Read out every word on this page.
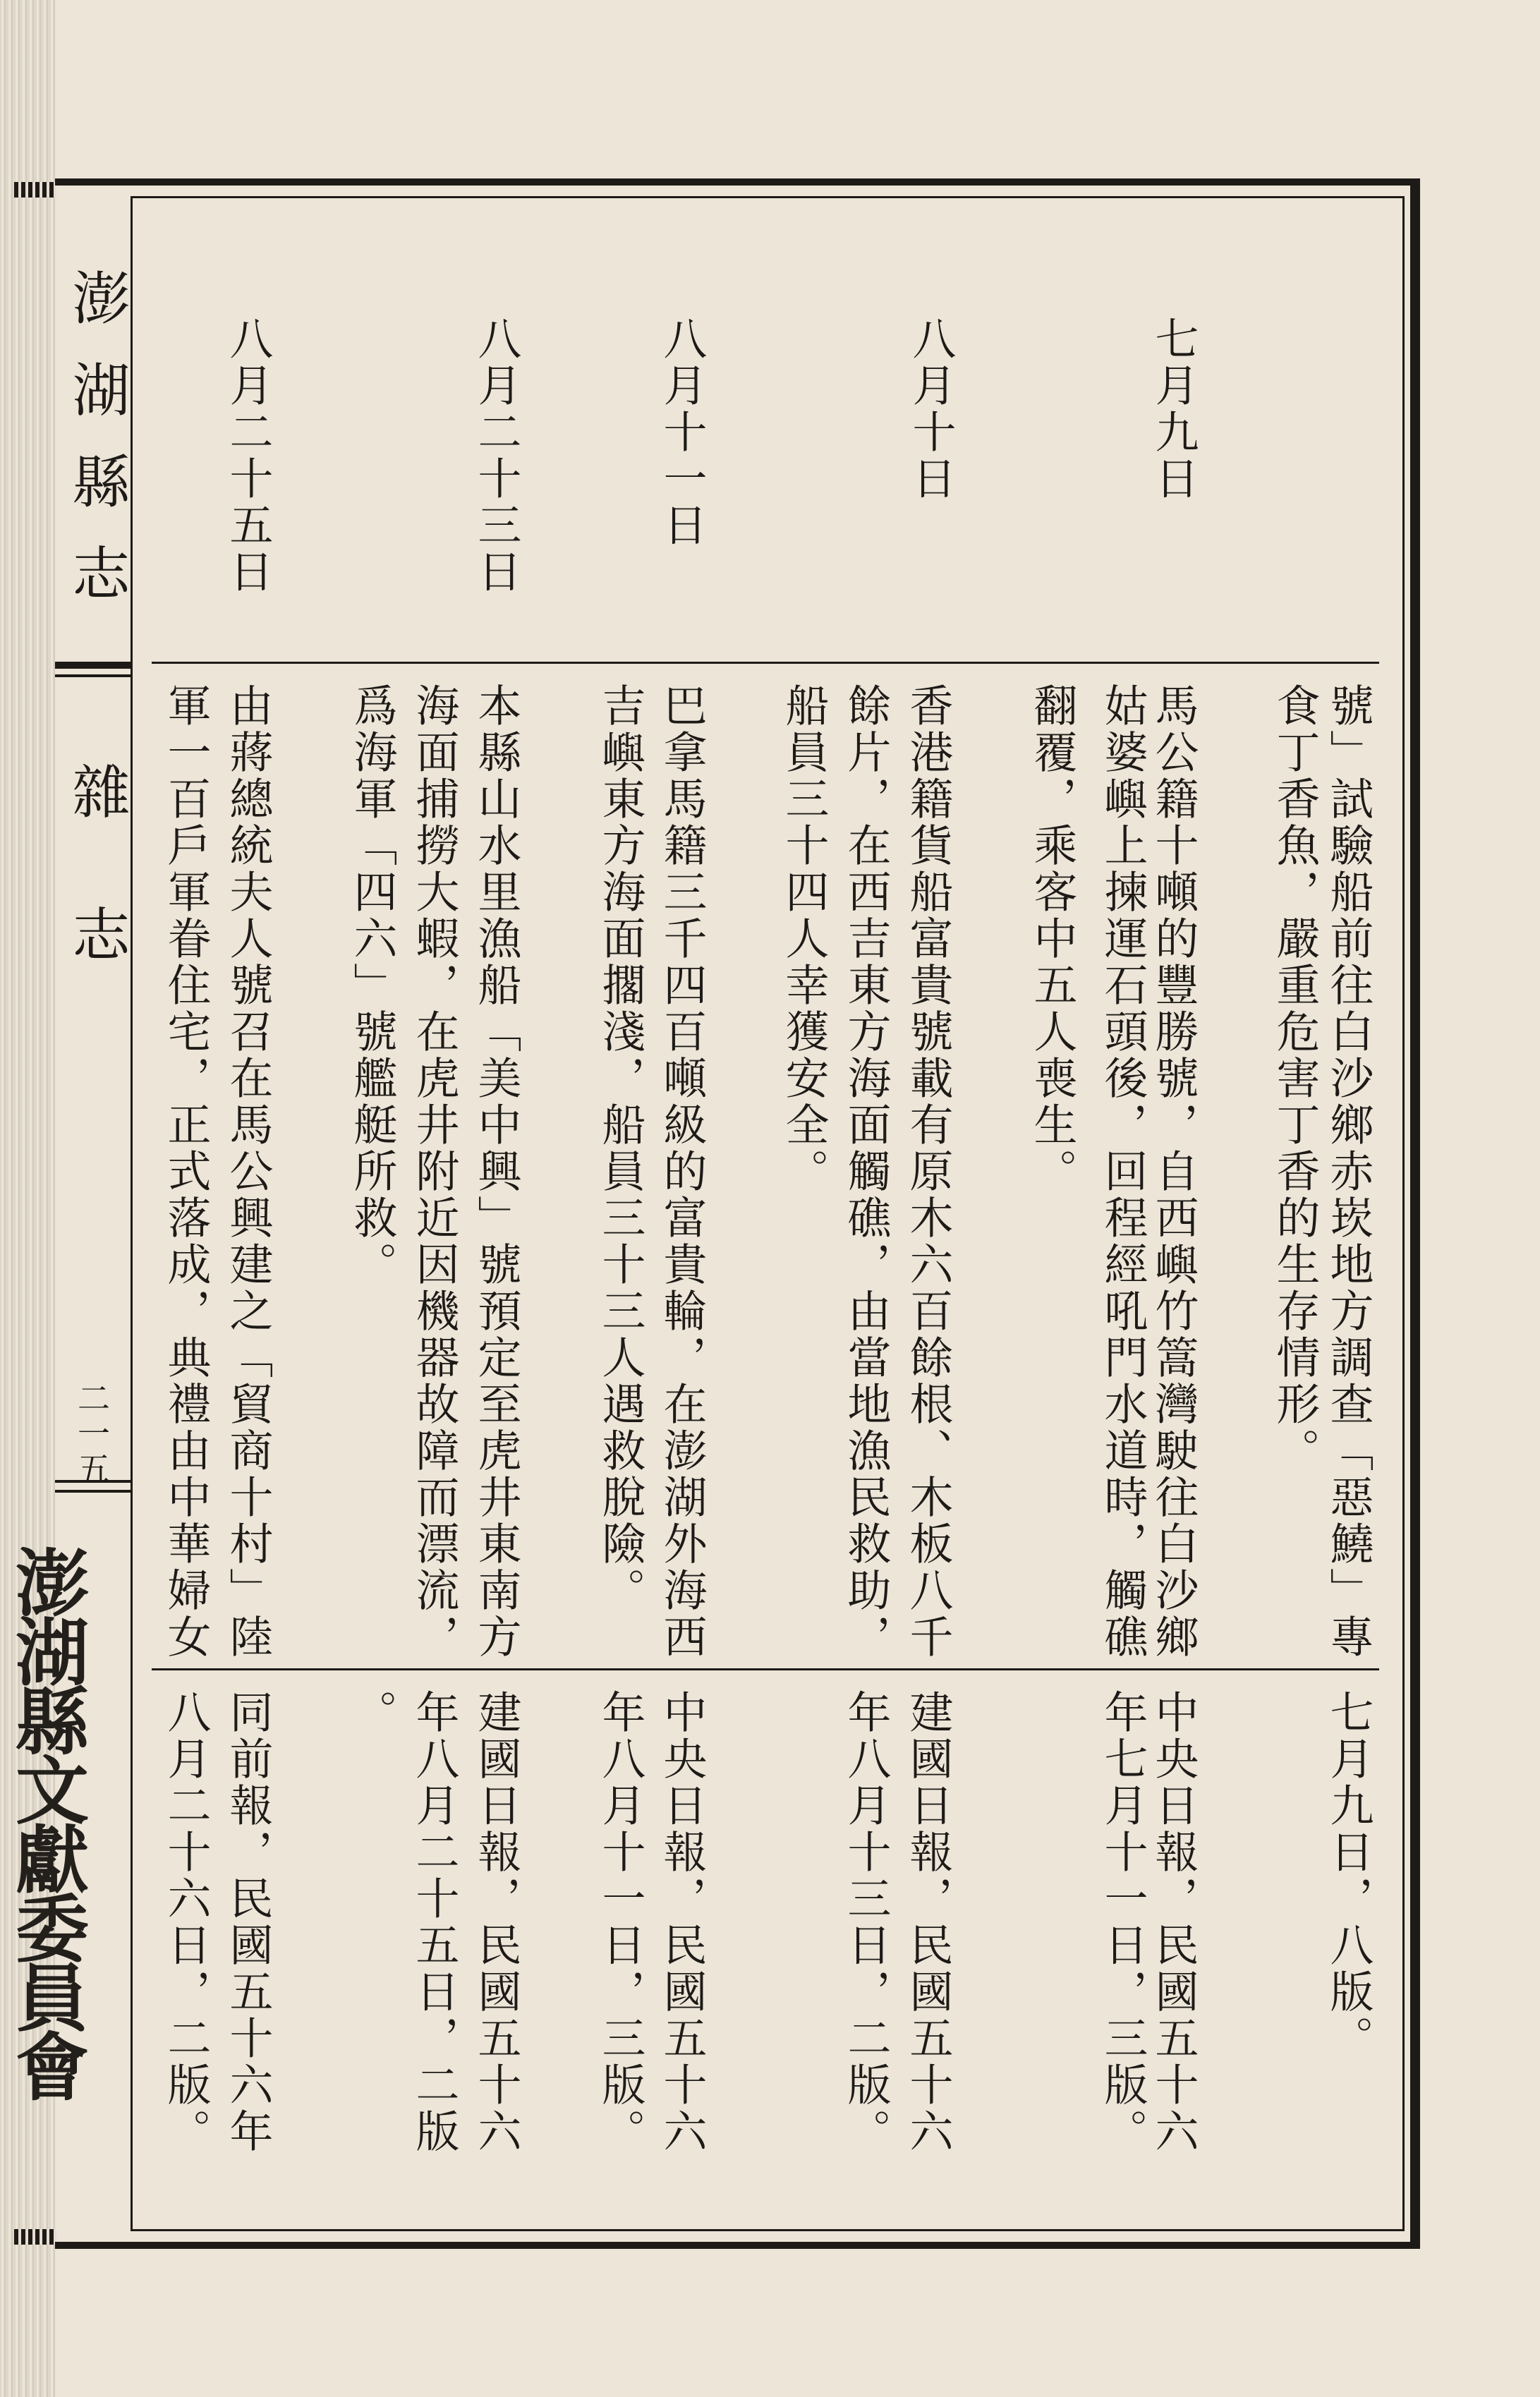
澎湖縣志
雜志
二一五
澎湖縣文獻委員會
七月九日
號」試驗船前往白沙鄉赤崁地方調查「惡鱙」專
食丁香魚，嚴重危害丁香的生存情形。
七月九日，八版。
八月十日
馬公籍十噸的豐勝號，自西嶼竹篙灣駛往白沙鄉
姑婆嶼上揀運石頭後，回程經吼門水道時，觸礁
翻覆，乘客中五人喪生。
中央日報，民國五十六
年七月十一日，三版。
八月十一日
香港籍貨船富貴號載有原木六百餘根、木板八千
餘片，在西吉東方海面觸礁，由當地漁民救助，
船員三十四人幸獲安全。
建國日報，民國五十六
年八月十三日，二版。
八月二十三日
巴拿馬籍三千四百噸級的富貴輪，在澎湖外海西
吉嶼東方海面擱淺，船員三十三人遇救脫險。
中央日報，民國五十六
年八月十一日，三版。
八月二十五日
本縣山水里漁船「美中興」號預定至虎井東南方
海面捕撈大蝦，在虎井附近因機器故障而漂流，
爲海軍「四六」號艦艇所救。
建國日報，民國五十六
年八月二十五日，二版
。
由蔣總統夫人號召在馬公興建之「貿商十村」陸
軍一百戶軍眷住宅，正式落成，典禮由中華婦女
同前報，民國五十六年
八月二十六日，二版。
